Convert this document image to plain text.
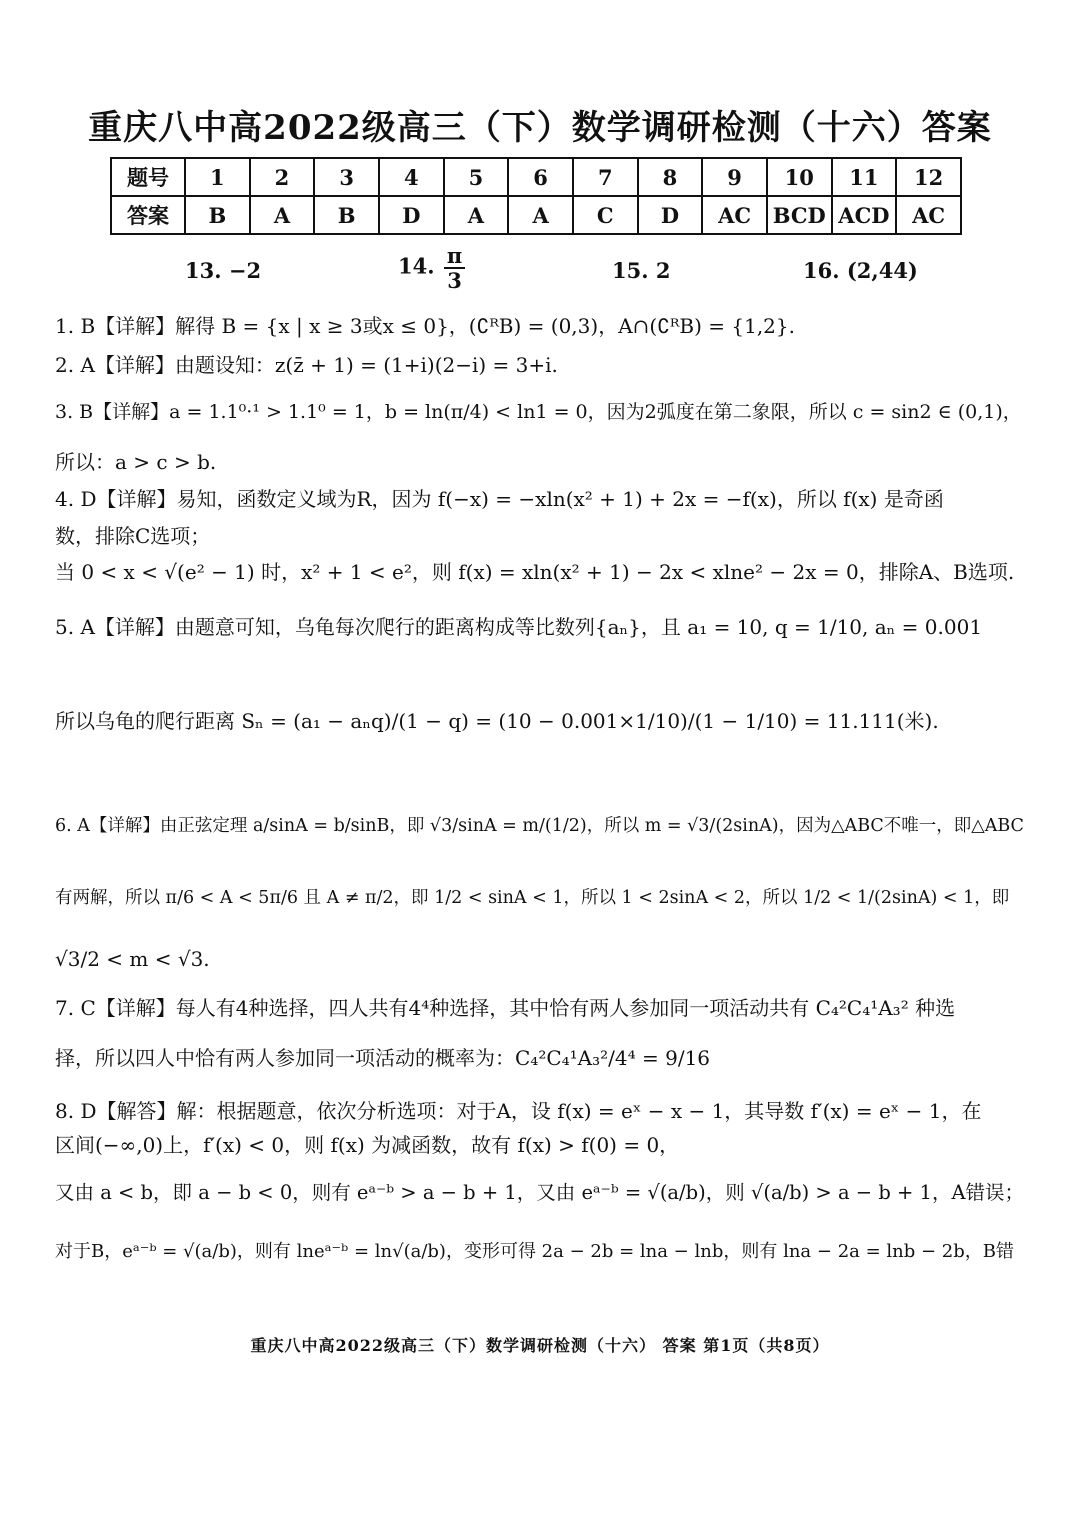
重庆八中高2022级高三（下）数学调研检测（十六）答案
题号	1	2	3	4	5	6	7	8	9	10	11	12
答案	B	A	B	D	A	A	C	D	AC	BCD	ACD	AC
13. −2	14. $\frac{\pi}{3}$	15. 2	16. (2,44)
1. B【详解】解得 B = {x | x ≥ 3或x ≤ 0}，(∁ᴿB) = (0,3)，A∩(∁ᴿB) = {1,2}.
2. A【详解】由题设知：z(z̄ + 1) = (1+i)(2−i) = 3+i.
3. B【详解】a = 1.1⁰·¹ > 1.1⁰ = 1，b = ln(π/4) < ln1 = 0，因为2弧度在第二象限，所以 c = sin2 ∈ (0,1)，
所以：a > c > b.
4. D【详解】易知，函数定义域为R，因为 f(−x) = −xln(x² + 1) + 2x = −f(x)，所以 f(x) 是奇函
数，排除C选项；
当 0 < x < √(e² − 1) 时，x² + 1 < e²，则 f(x) = xln(x² + 1) − 2x < xlne² − 2x = 0，排除A、B选项.
5. A【详解】由题意可知，乌龟每次爬行的距离构成等比数列{aₙ}，且 a₁ = 10, q = 1/10, aₙ = 0.001
所以乌龟的爬行距离 Sₙ = (a₁ − aₙq)/(1 − q) = (10 − 0.001×1/10)/(1 − 1/10) = 11.111(米).
6. A【详解】由正弦定理 a/sinA = b/sinB，即 √3/sinA = m/(1/2)，所以 m = √3/(2sinA)，因为△ABC不唯一，即△ABC
有两解，所以 π/6 < A < 5π/6 且 A ≠ π/2，即 1/2 < sinA < 1，所以 1 < 2sinA < 2，所以 1/2 < 1/(2sinA) < 1，即
√3/2 < m < √3.
7. C【详解】每人有4种选择，四人共有4⁴种选择，其中恰有两人参加同一项活动共有 C₄²C₄¹A₃² 种选
择，所以四人中恰有两人参加同一项活动的概率为：C₄²C₄¹A₃²/4⁴ = 9/16
8. D【解答】解：根据题意，依次分析选项：对于A，设 f(x) = eˣ − x − 1，其导数 f′(x) = eˣ − 1，在
区间(−∞,0)上，f′(x) < 0，则 f(x) 为减函数，故有 f(x) > f(0) = 0，
又由 a < b，即 a − b < 0，则有 eᵃ⁻ᵇ > a − b + 1，又由 eᵃ⁻ᵇ = √(a/b)，则 √(a/b) > a − b + 1，A错误；
对于B，eᵃ⁻ᵇ = √(a/b)，则有 lneᵃ⁻ᵇ = ln√(a/b)，变形可得 2a − 2b = lna − lnb，则有 lna − 2a = lnb − 2b，B错
重庆八中高2022级高三（下）数学调研检测（十六） 答案 第1页（共8页）
